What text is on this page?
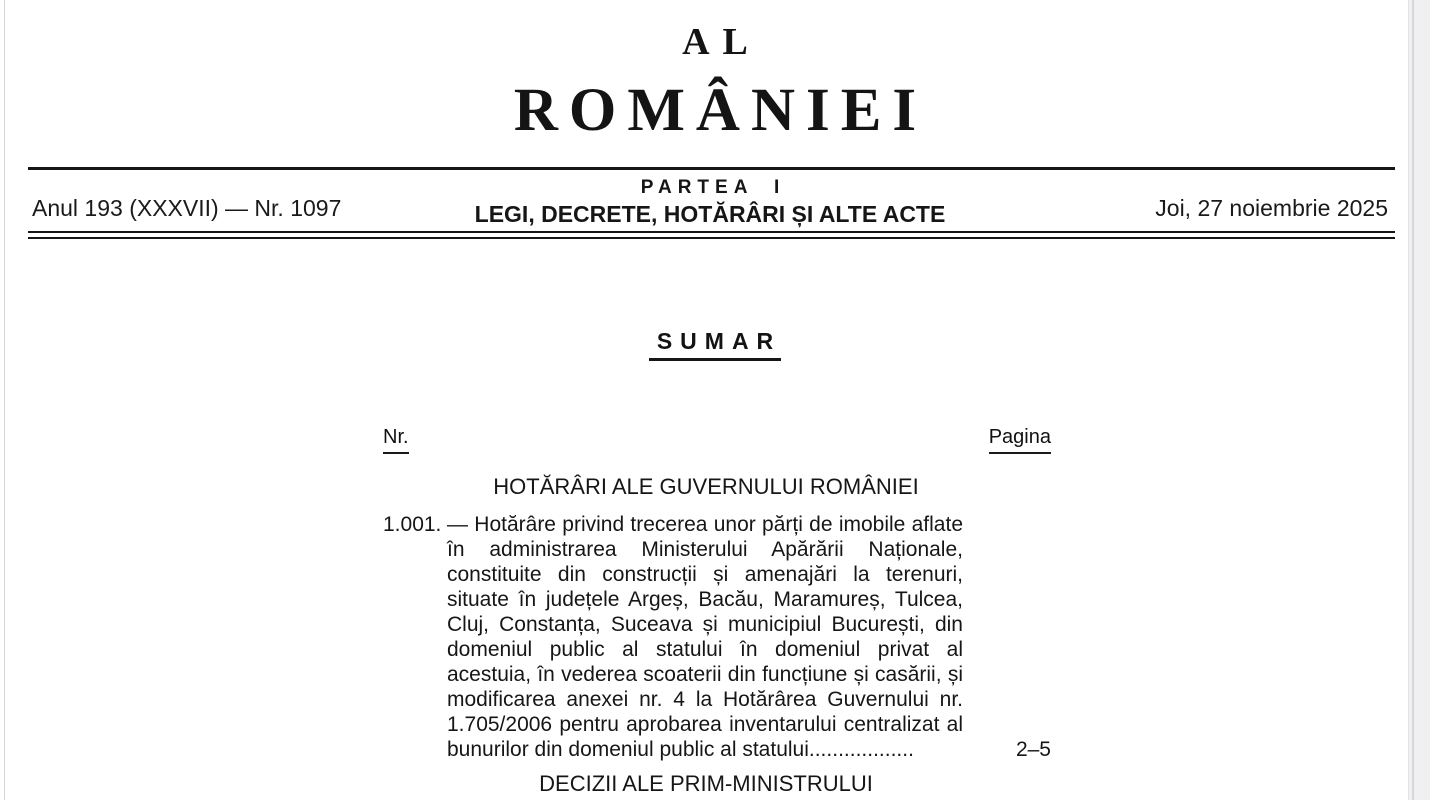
AL
ROMÂNIEI
Anul 193 (XXXVII) — Nr. 1097
PARTEA I
LEGI, DECRETE, HOTĂRÂRI ȘI ALTE ACTE	Joi, 27 noiembrie 2025
SUMAR
Nr.	Pagina
HOTĂRÂRI ALE GUVERNULUI ROMÂNIEI
1.001. — Hotărâre privind trecerea unor părți de imobile aflate în administrarea Ministerului Apărării Naționale, constituite din construcții și amenajări la terenuri, situate în județele Argeș, Bacău, Maramureș, Tulcea, Cluj, Constanța, Suceava și municipiul București, din domeniul public al statului în domeniul privat al acestuia, în vederea scoaterii din funcțiune și casării, și modificarea anexei nr. 4 la Hotărârea Guvernului nr. 1.705/2006 pentru aprobarea inventarului centralizat al bunurilor din domeniul public al statului..................	2–5
DECIZII ALE PRIM-MINISTRULUI
